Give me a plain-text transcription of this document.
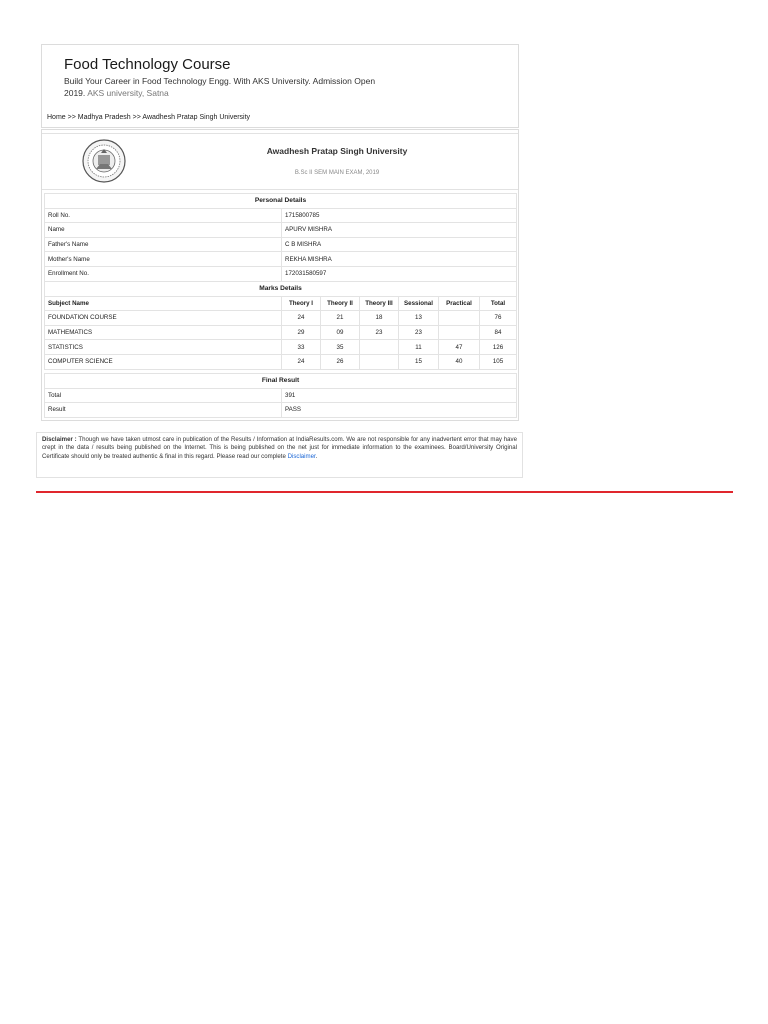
Food Technology Course
Build Your Career in Food Technology Engg. With AKS University. Admission Open 2019. AKS university, Satna
Home >> Madhya Pradesh >> Awadhesh Pratap Singh University
Awadhesh Pratap Singh University
B.Sc II SEM MAIN EXAM, 2019
Personal Details	
Roll No.	1715800785
Name	APURV MISHRA
Father's Name	C B MISHRA
Mother's Name	REKHA MISHRA
Enrollment No.	172031580597
Marks Details						
Subject Name	Theory I	Theory II	Theory III	Sessional	Practical	Total
FOUNDATION COURSE	24	21	18	13		76
MATHEMATICS	29	09	23	23		84
STATISTICS	33	35		11	47	126
COMPUTER SCIENCE	24	26		15	40	105
Final Result	
Total	391
Result	PASS
Disclaimer : Though we have taken utmost care in publication of the Results / Information at IndiaResults.com. We are not responsible for any inadvertent error that may have crept in the data / results being published on the Internet. This is being published on the net just for immediate information to the examinees. Board/University Original Certificate should only be treated authentic & final in this regard. Please read our complete Disclaimer.
